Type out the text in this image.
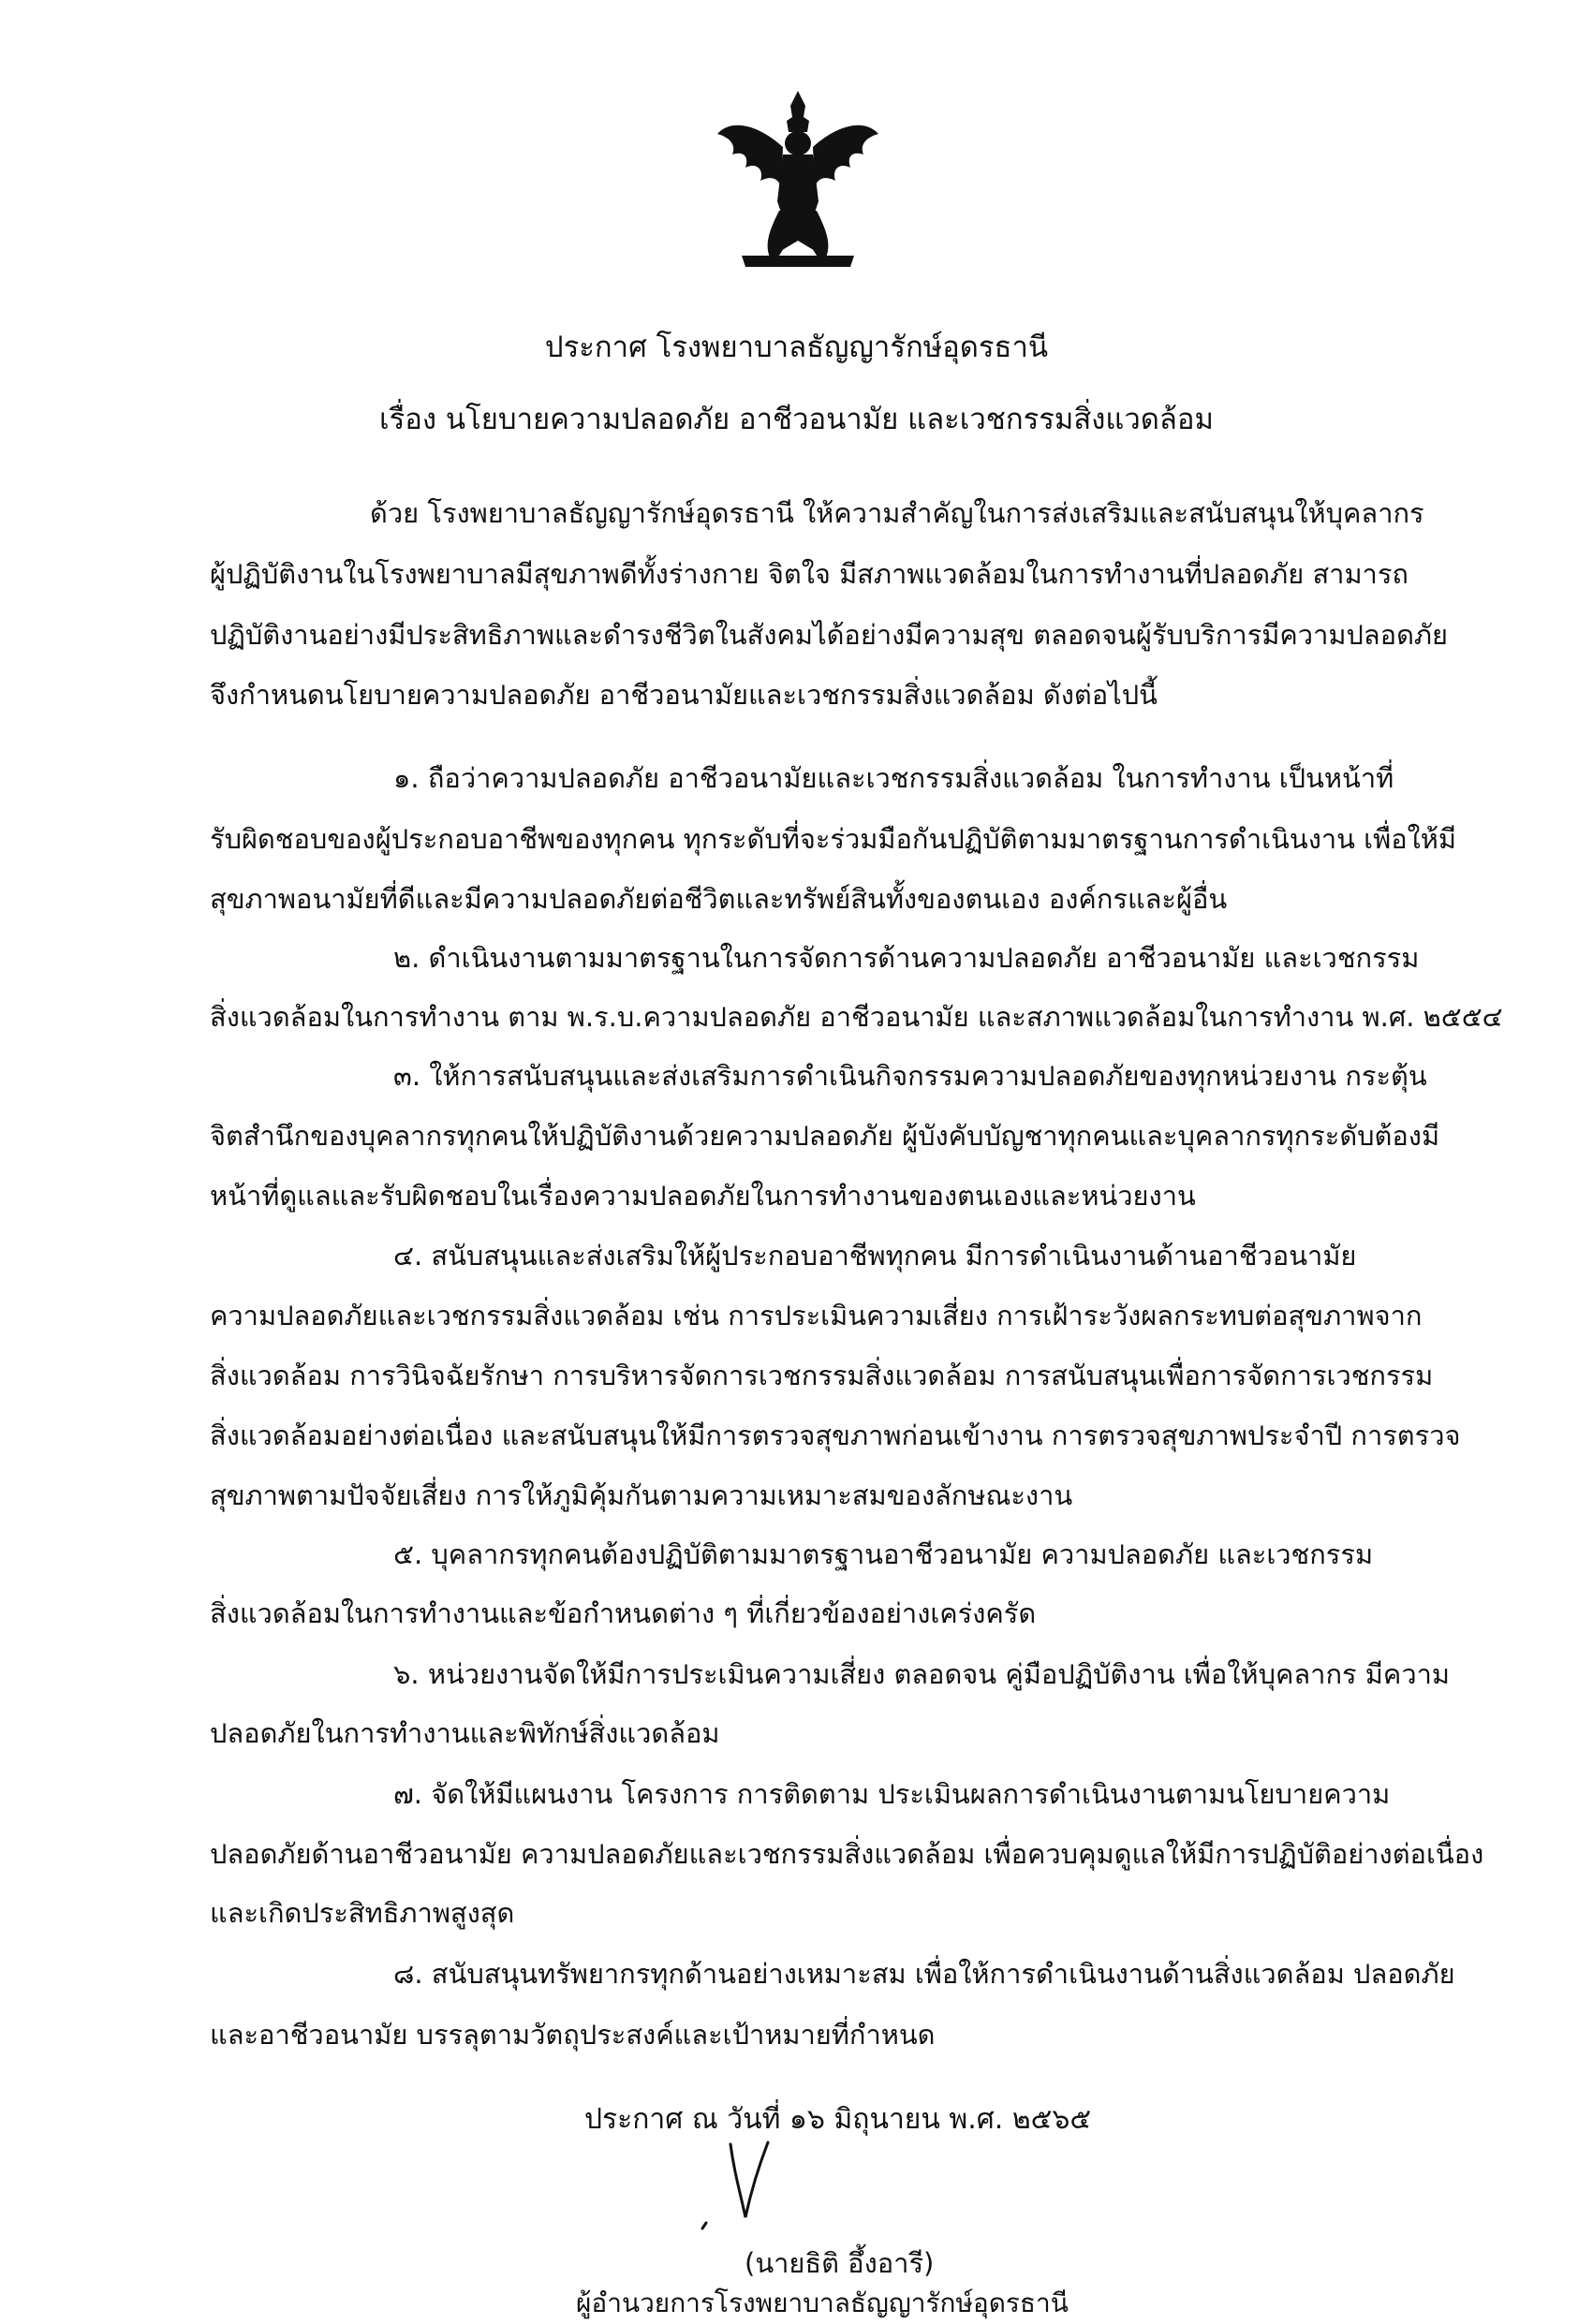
ประกาศ โรงพยาบาลธัญญารักษ์อุดรธานี
เรื่อง นโยบายความปลอดภัย อาชีวอนามัย และเวชกรรมสิ่งแวดล้อม
ด้วย โรงพยาบาลธัญญารักษ์อุดรธานี ให้ความสำคัญในการส่งเสริมและสนับสนุนให้บุคลากร
ผู้ปฏิบัติงานในโรงพยาบาลมีสุขภาพดีทั้งร่างกาย จิตใจ มีสภาพแวดล้อมในการทำงานที่ปลอดภัย สามารถ
ปฏิบัติงานอย่างมีประสิทธิภาพและดำรงชีวิตในสังคมได้อย่างมีความสุข ตลอดจนผู้รับบริการมีความปลอดภัย
จึงกำหนดนโยบายความปลอดภัย อาชีวอนามัยและเวชกรรมสิ่งแวดล้อม ดังต่อไปนี้
๑. ถือว่าความปลอดภัย อาชีวอนามัยและเวชกรรมสิ่งแวดล้อม ในการทำงาน เป็นหน้าที่
รับผิดชอบของผู้ประกอบอาชีพของทุกคน ทุกระดับที่จะร่วมมือกันปฏิบัติตามมาตรฐานการดำเนินงาน เพื่อให้มี
สุขภาพอนามัยที่ดีและมีความปลอดภัยต่อชีวิตและทรัพย์สินทั้งของตนเอง องค์กรและผู้อื่น
๒. ดำเนินงานตามมาตรฐานในการจัดการด้านความปลอดภัย อาชีวอนามัย และเวชกรรม
สิ่งแวดล้อมในการทำงาน ตาม พ.ร.บ.ความปลอดภัย อาชีวอนามัย และสภาพแวดล้อมในการทำงาน พ.ศ. ๒๕๕๔
๓. ให้การสนับสนุนและส่งเสริมการดำเนินกิจกรรมความปลอดภัยของทุกหน่วยงาน กระตุ้น
จิตสำนึกของบุคลากรทุกคนให้ปฏิบัติงานด้วยความปลอดภัย ผู้บังคับบัญชาทุกคนและบุคลากรทุกระดับต้องมี
หน้าที่ดูแลและรับผิดชอบในเรื่องความปลอดภัยในการทำงานของตนเองและหน่วยงาน
๔. สนับสนุนและส่งเสริมให้ผู้ประกอบอาชีพทุกคน มีการดำเนินงานด้านอาชีวอนามัย
ความปลอดภัยและเวชกรรมสิ่งแวดล้อม เช่น การประเมินความเสี่ยง การเฝ้าระวังผลกระทบต่อสุขภาพจาก
สิ่งแวดล้อม การวินิจฉัยรักษา การบริหารจัดการเวชกรรมสิ่งแวดล้อม การสนับสนุนเพื่อการจัดการเวชกรรม
สิ่งแวดล้อมอย่างต่อเนื่อง และสนับสนุนให้มีการตรวจสุขภาพก่อนเข้างาน การตรวจสุขภาพประจำปี การตรวจ
สุขภาพตามปัจจัยเสี่ยง การให้ภูมิคุ้มกันตามความเหมาะสมของลักษณะงาน
๕. บุคลากรทุกคนต้องปฏิบัติตามมาตรฐานอาชีวอนามัย ความปลอดภัย และเวชกรรม
สิ่งแวดล้อมในการทำงานและข้อกำหนดต่าง ๆ ที่เกี่ยวข้องอย่างเคร่งครัด
๖. หน่วยงานจัดให้มีการประเมินความเสี่ยง ตลอดจน คู่มือปฏิบัติงาน เพื่อให้บุคลากร มีความ
ปลอดภัยในการทำงานและพิทักษ์สิ่งแวดล้อม
๗. จัดให้มีแผนงาน โครงการ การติดตาม ประเมินผลการดำเนินงานตามนโยบายความ
ปลอดภัยด้านอาชีวอนามัย ความปลอดภัยและเวชกรรมสิ่งแวดล้อม เพื่อควบคุมดูแลให้มีการปฏิบัติอย่างต่อเนื่อง
และเกิดประสิทธิภาพสูงสุด
๘. สนับสนุนทรัพยากรทุกด้านอย่างเหมาะสม เพื่อให้การดำเนินงานด้านสิ่งแวดล้อม ปลอดภัย
และอาชีวอนามัย บรรลุตามวัตถุประสงค์และเป้าหมายที่กำหนด
ประกาศ ณ วันที่ ๑๖ มิถุนายน พ.ศ. ๒๕๖๕
(นายธิติ อึ้งอารี)
ผู้อำนวยการโรงพยาบาลธัญญารักษ์อุดรธานี
